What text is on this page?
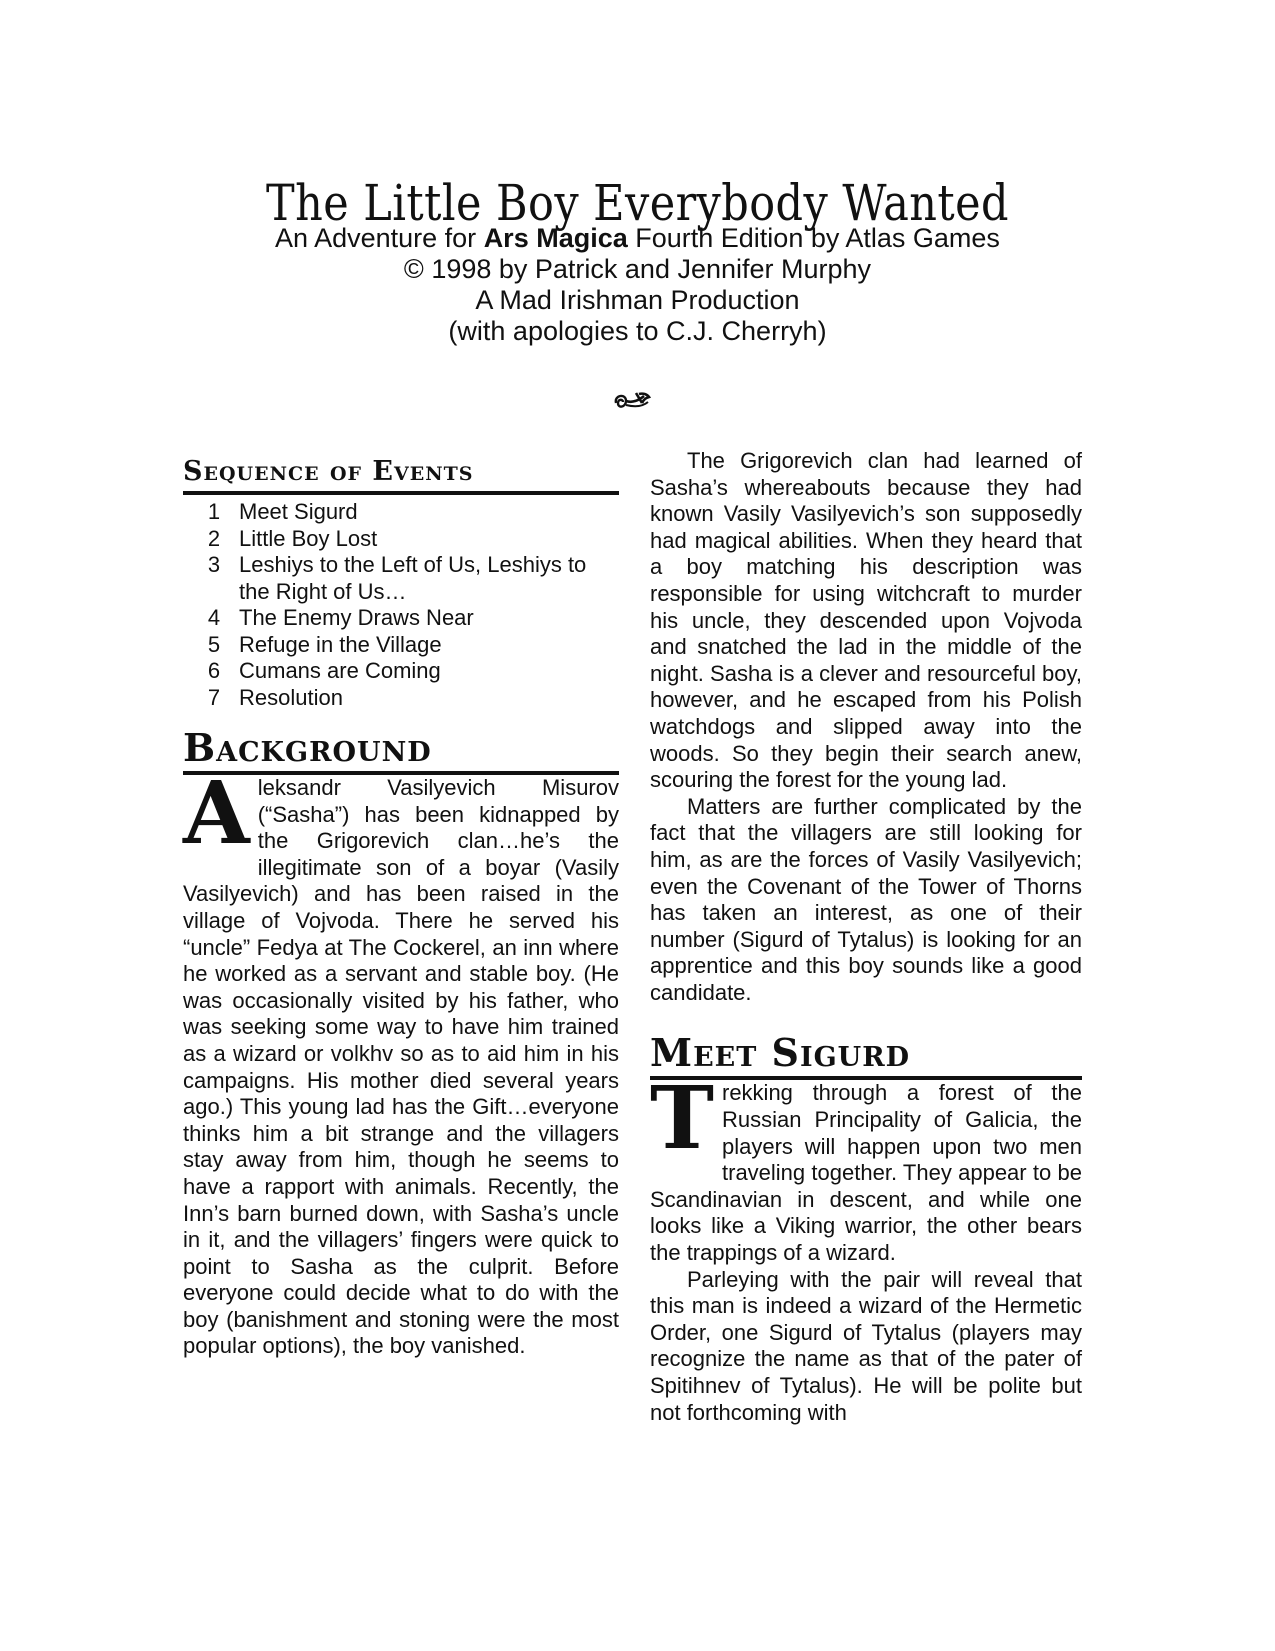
The Little Boy Everybody Wanted
An Adventure for Ars Magica Fourth Edition by Atlas Games
© 1998 by Patrick and Jennifer Murphy
A Mad Irishman Production
(with apologies to C.J. Cherryh)
Sequence of Events
1 Meet Sigurd
2 Little Boy Lost
3 Leshiys to the Left of Us, Leshiys to the Right of Us…
4 The Enemy Draws Near
5 Refuge in the Village
6 Cumans are Coming
7 Resolution
Background

Aleksandr Vasilyevich Misurov (“Sasha”) has been kidnapped by the Grigorevich clan…he’s the illegitimate son of a boyar (Vasily Vasilyevich) and has been raised in the village of Vojvoda. There he served his “uncle” Fedya at The Cockerel, an inn where he worked as a servant and stable boy. (He was occasionally visited by his father, who was seeking some way to have him trained as a wizard or volkhv so as to aid him in his campaigns. His mother died several years ago.) This young lad has the Gift…everyone thinks him a bit strange and the villagers stay away from him, though he seems to have a rapport with animals. Recently, the Inn’s barn burned down, with Sasha’s uncle in it, and the villagers’ fingers were quick to point to Sasha as the culprit. Before everyone could decide what to do with the boy (banishment and stoning were the most popular options), the boy vanished.

The Grigorevich clan had learned of Sasha’s whereabouts because they had known Vasily Vasilyevich’s son supposedly had magical abilities. When they heard that a boy matching his description was responsible for using witchcraft to murder his uncle, they descended upon Vojvoda and snatched the lad in the middle of the night. Sasha is a clever and resourceful boy, however, and he escaped from his Polish watchdogs and slipped away into the woods. So they begin their search anew, scouring the forest for the young lad.

Matters are further complicated by the fact that the villagers are still looking for him, as are the forces of Vasily Vasilyevich; even the Covenant of the Tower of Thorns has taken an interest, as one of their number (Sigurd of Tytalus) is looking for an apprentice and this boy sounds like a good candidate.

Meet Sigurd

Trekking through a forest of the Russian Principality of Galicia, the players will happen upon two men traveling together. They appear to be Scandinavian in descent, and while one looks like a Viking warrior, the other bears the trappings of a wizard.

Parleying with the pair will reveal that this man is indeed a wizard of the Hermetic Order, one Sigurd of Tytalus (players may recognize the name as that of the pater of Spitihnev of Tytalus). He will be polite but not forthcoming with
